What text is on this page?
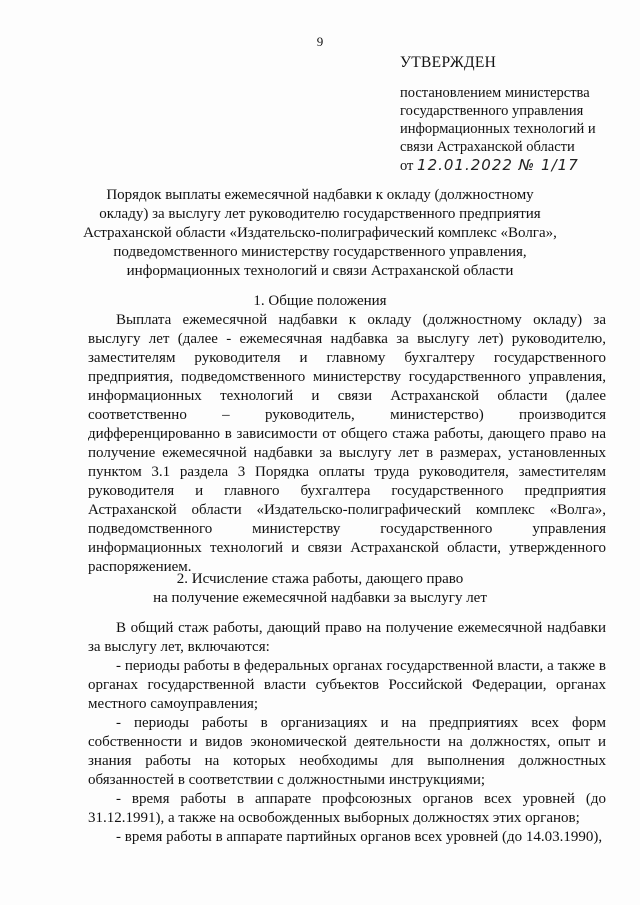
9
УТВЕРЖДЕН
постановлением министерства
государственного управления
информационных технологий и
связи Астраханской области
от 12.01.2022 № 1/17
Порядок выплаты ежемесячной надбавки к окладу (должностному окладу) за выслугу лет руководителю государственного предприятия Астраханской области «Издательско-полиграфический комплекс «Волга», подведомственного министерству государственного управления, информационных технологий и связи Астраханской области
1. Общие положения
Выплата ежемесячной надбавки к окладу (должностному окладу) за выслугу лет (далее - ежемесячная надбавка за выслугу лет) руководителю, заместителям руководителя и главному бухгалтеру государственного предприятия, подведомственного министерству государственного управления, информационных технологий и связи Астраханской области (далее соответственно – руководитель, министерство) производится дифференцированно в зависимости от общего стажа работы, дающего право на получение ежемесячной надбавки за выслугу лет в размерах, установленных пунктом 3.1 раздела 3 Порядка оплаты труда руководителя, заместителям руководителя и главного бухгалтера государственного предприятия Астраханской области «Издательско-полиграфический комплекс «Волга», подведомственного министерству государственного управления информационных технологий и связи Астраханской области, утвержденного распоряжением.
2. Исчисление стажа работы, дающего право
на получение ежемесячной надбавки за выслугу лет
В общий стаж работы, дающий право на получение ежемесячной надбавки за выслугу лет, включаются:
- периоды работы в федеральных органах государственной власти, а также в органах государственной власти субъектов Российской Федерации, органах местного самоуправления;
- периоды работы в организациях и на предприятиях всех форм собственности и видов экономической деятельности на должностях, опыт и знания работы на которых необходимы для выполнения должностных обязанностей в соответствии с должностными инструкциями;
- время работы в аппарате профсоюзных органов всех уровней (до 31.12.1991), а также на освобожденных выборных должностях этих органов;
- время работы в аппарате партийных органов всех уровней (до 14.03.1990),
